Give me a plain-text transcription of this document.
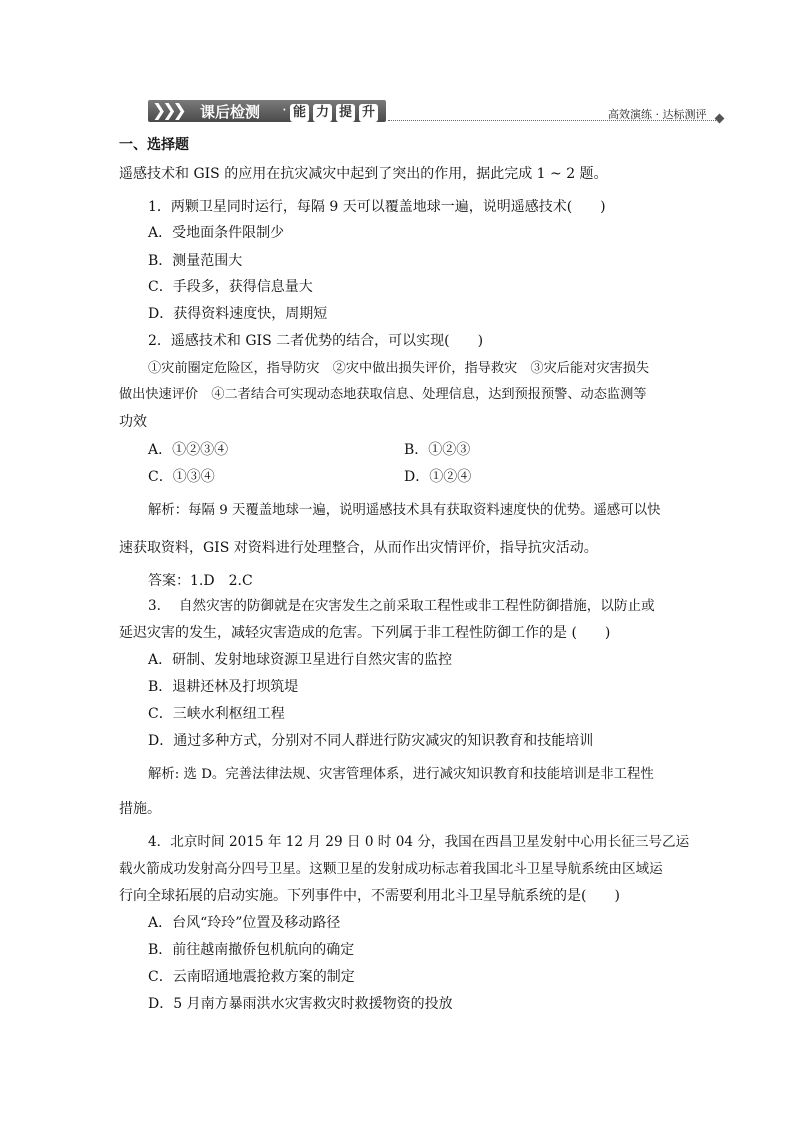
❯❯❯ 课后检测 · 能 力 提 升	高效演练 · 达标测评
一、选择题
遥感技术和 GIS 的应用在抗灾减灾中起到了突出的作用，据此完成 1 ~ 2 题。
1．两颗卫星同时运行，每隔 9 天可以覆盖地球一遍，说明遥感技术(　　)
A．受地面条件限制少
B．测量范围大
C．手段多，获得信息量大
D．获得资料速度快，周期短
2．遥感技术和 GIS 二者优势的结合，可以实现(　　)
①灾前圈定危险区，指导防灾　②灾中做出损失评价，指导救灾　③灾后能对灾害损失
做出快速评价　④二者结合可实现动态地获取信息、处理信息，达到预报预警、动态监测等
功效
A．①②③④	B．①②③
C．①③④	D．①②④
解析：每隔 9 天覆盖地球一遍，说明遥感技术具有获取资料速度快的优势。遥感可以快
速获取资料，GIS 对资料进行处理整合，从而作出灾情评价，指导抗灾活动。
答案：1.D　2.C
3.　 自然灾害的防御就是在灾害发生之前采取工程性或非工程性防御措施，以防止或
延迟灾害的发生，减轻灾害造成的危害。下列属于非工程性防御工作的是 (　　)
A．研制、发射地球资源卫星进行自然灾害的监控
B．退耕还林及打坝筑堤
C．三峡水利枢纽工程
D．通过多种方式，分别对不同人群进行防灾减灾的知识教育和技能培训
解析: 选 D。完善法律法规、灾害管理体系，进行减灾知识教育和技能培训是非工程性
措施。
4．北京时间 2015 年 12 月 29 日 0 时 04 分，我国在西昌卫星发射中心用长征三号乙运
载火箭成功发射高分四号卫星。这颗卫星的发射成功标志着我国北斗卫星导航系统由区域运
行向全球拓展的启动实施。下列事件中，不需要利用北斗卫星导航系统的是(　　)
A．台风“玲玲”位置及移动路径
B．前往越南撤侨包机航向的确定
C．云南昭通地震抢救方案的制定
D．5 月南方暴雨洪水灾害救灾时救援物资的投放
